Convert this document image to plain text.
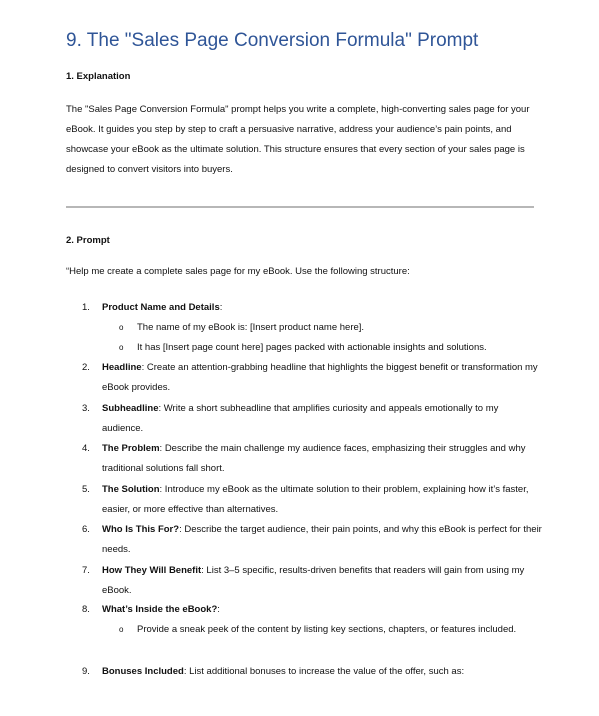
9. The "Sales Page Conversion Formula" Prompt
1. Explanation
The "Sales Page Conversion Formula" prompt helps you write a complete, high-converting sales page for your eBook. It guides you step by step to craft a persuasive narrative, address your audience’s pain points, and showcase your eBook as the ultimate solution. This structure ensures that every section of your sales page is designed to convert visitors into buyers.
2. Prompt
“Help me create a complete sales page for my eBook. Use the following structure:
1.	Product Name and Details:
o The name of my eBook is: [Insert product name here].
o It has [Insert page count here] pages packed with actionable insights and solutions.
2.	Headline: Create an attention-grabbing headline that highlights the biggest benefit or transformation my eBook provides.
3.	Subheadline: Write a short subheadline that amplifies curiosity and appeals emotionally to my audience.
4.	The Problem: Describe the main challenge my audience faces, emphasizing their struggles and why traditional solutions fall short.
5.	The Solution: Introduce my eBook as the ultimate solution to their problem, explaining how it’s faster, easier, or more effective than alternatives.
6.	Who Is This For?: Describe the target audience, their pain points, and why this eBook is perfect for their needs.
7.	How They Will Benefit: List 3–5 specific, results-driven benefits that readers will gain from using my eBook.
8.	What’s Inside the eBook?:
o Provide a sneak peek of the content by listing key sections, chapters, or features included.
9.	Bonuses Included: List additional bonuses to increase the value of the offer, such as:
